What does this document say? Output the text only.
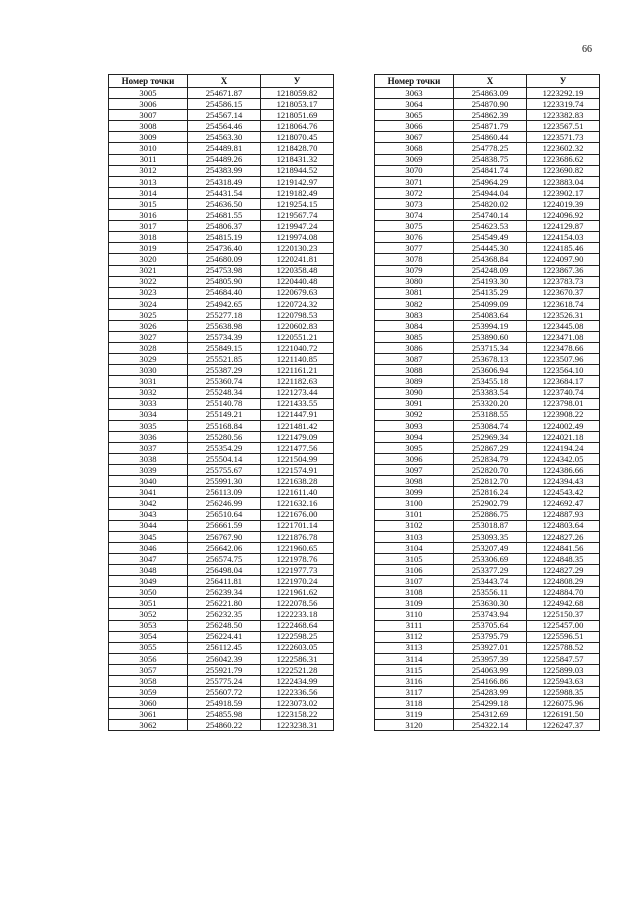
66
Номер точки	X	У
3005	254671.87	1218059.82
3006	254586.15	1218053.17
3007	254567.14	1218051.69
3008	254564.46	1218064.76
3009	254563.30	1218070.45
3010	254489.81	1218428.70
3011	254489.26	1218431.32
3012	254383.99	1218944.52
3013	254318.49	1219142.97
3014	254431.54	1219182.49
3015	254636.50	1219254.15
3016	254681.55	1219567.74
3017	254806.37	1219947.24
3018	254815.19	1219974.08
3019	254736.40	1220130.23
3020	254680.09	1220241.81
3021	254753.98	1220358.48
3022	254805.90	1220440.48
3023	254684.40	1220679.63
3024	254942.65	1220724.32
3025	255277.18	1220798.53
3026	255638.98	1220602.83
3027	255734.39	1220551.21
3028	255849.15	1221040.72
3029	255521.85	1221140.85
3030	255387.29	1221161.21
3031	255360.74	1221182.63
3032	255248.34	1221273.44
3033	255140.78	1221433.55
3034	255149.21	1221447.91
3035	255168.84	1221481.42
3036	255280.56	1221479.09
3037	255354.29	1221477.56
3038	255504.14	1221504.99
3039	255755.67	1221574.91
3040	255991.30	1221638.28
3041	256113.09	1221611.40
3042	256246.99	1221632.16
3043	256510.64	1221676.00
3044	256661.59	1221701.14
3045	256767.90	1221876.78
3046	256642.06	1221960.65
3047	256574.75	1221978.76
3048	256498.04	1221977.73
3049	256411.81	1221970.24
3050	256239.34	1221961.62
3051	256221.80	1222078.56
3052	256232.35	1222233.18
3053	256248.50	1222468.64
3054	256224.41	1222598.25
3055	256112.45	1222603.05
3056	256042.39	1222586.31
3057	255921.79	1222521.28
3058	255775.24	1222434.99
3059	255607.72	1222336.56
3060	254918.59	1223073.02
3061	254855.98	1223158.22
3062	254860.22	1223238.31
Номер точки	X	У
3063	254863.09	1223292.19
3064	254870.90	1223319.74
3065	254862.39	1223382.83
3066	254871.79	1223567.51
3067	254860.44	1223571.73
3068	254778.25	1223602.32
3069	254838.75	1223686.62
3070	254841.74	1223690.82
3071	254964.29	1223883.04
3072	254944.04	1223902.17
3073	254820.02	1224019.39
3074	254740.14	1224096.92
3075	254623.53	1224129.87
3076	254549.49	1224154.03
3077	254445.30	1224185.46
3078	254368.84	1224097.90
3079	254248.09	1223867.36
3080	254193.30	1223783.73
3081	254135.29	1223670.37
3082	254099.09	1223618.74
3083	254083.64	1223526.31
3084	253994.19	1223445.08
3085	253890.60	1223471.08
3086	253715.34	1223478.66
3087	253678.13	1223507.96
3088	253606.94	1223564.10
3089	253455.18	1223684.17
3090	253383.54	1223740.74
3091	253320.20	1223798.01
3092	253188.55	1223908.22
3093	253084.74	1224002.49
3094	252969.34	1224021.18
3095	252867.29	1224194.24
3096	252834.79	1224342.05
3097	252820.70	1224386.66
3098	252812.70	1224394.43
3099	252816.24	1224543.42
3100	252902.79	1224692.47
3101	252886.75	1224887.93
3102	253018.87	1224803.64
3103	253093.35	1224827.26
3104	253207.49	1224841.56
3105	253306.69	1224848.35
3106	253377.29	1224827.29
3107	253443.74	1224808.29
3108	253556.11	1224884.70
3109	253630.30	1224942.68
3110	253743.94	1225150.37
3111	253705.64	1225457.00
3112	253795.79	1225596.51
3113	253927.01	1225788.52
3114	253957.39	1225847.57
3115	254063.99	1225899.03
3116	254166.86	1225943.63
3117	254283.99	1225988.35
3118	254299.18	1226075.96
3119	254312.69	1226191.50
3120	254322.14	1226247.37
